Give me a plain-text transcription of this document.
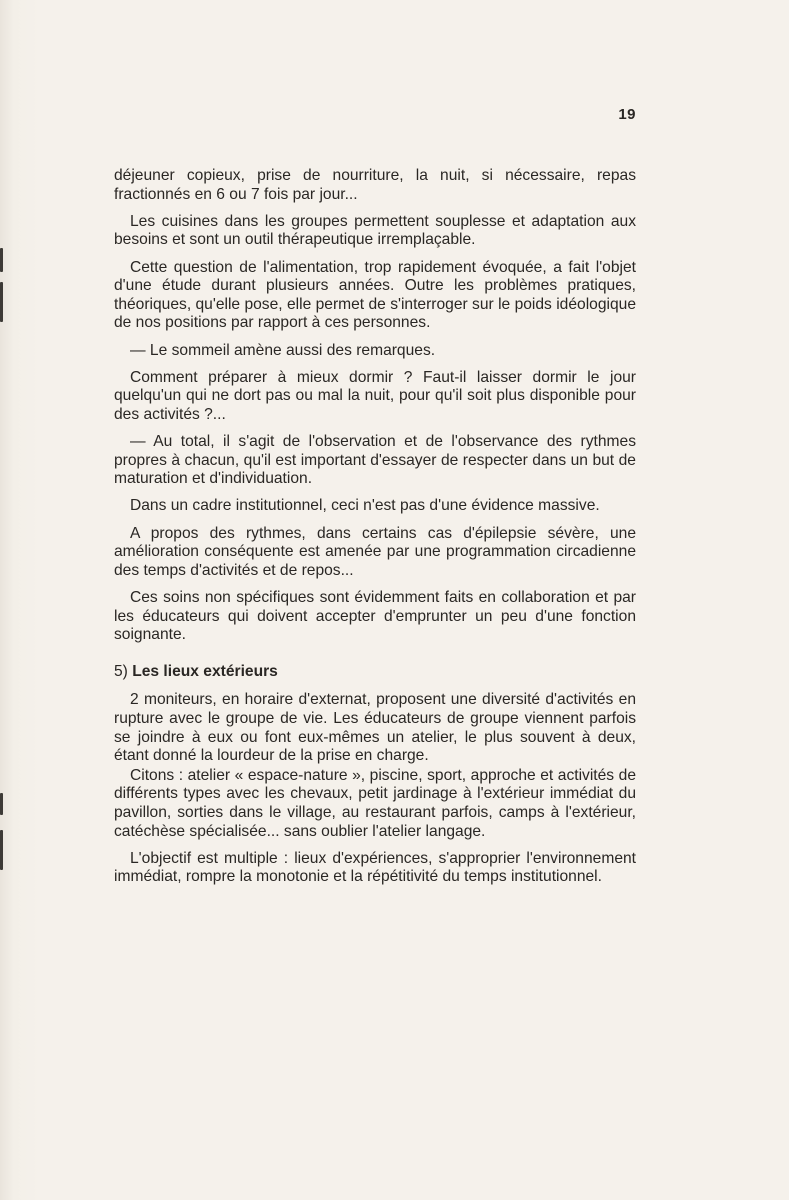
19

déjeuner copieux, prise de nourriture, la nuit, si nécessaire, repas fractionnés en 6 ou 7 fois par jour...

Les cuisines dans les groupes permettent souplesse et adaptation aux besoins et sont un outil thérapeutique irremplaçable.

Cette question de l'alimentation, trop rapidement évoquée, a fait l'objet d'une étude durant plusieurs années. Outre les problèmes pratiques, théoriques, qu'elle pose, elle permet de s'interroger sur le poids idéologique de nos positions par rapport à ces personnes.

— Le sommeil amène aussi des remarques.

Comment préparer à mieux dormir ? Faut-il laisser dormir le jour quelqu'un qui ne dort pas ou mal la nuit, pour qu'il soit plus disponible pour des activités ?...

— Au total, il s'agit de l'observation et de l'observance des rythmes propres à chacun, qu'il est important d'essayer de respecter dans un but de maturation et d'individuation.

Dans un cadre institutionnel, ceci n'est pas d'une évidence massive.

A propos des rythmes, dans certains cas d'épilepsie sévère, une amélioration conséquente est amenée par une programmation circadienne des temps d'activités et de repos...

Ces soins non spécifiques sont évidemment faits en collaboration et par les éducateurs qui doivent accepter d'emprunter un peu d'une fonction soignante.

5) Les lieux extérieurs

2 moniteurs, en horaire d'externat, proposent une diversité d'activités en rupture avec le groupe de vie. Les éducateurs de groupe viennent parfois se joindre à eux ou font eux-mêmes un atelier, le plus souvent à deux, étant donné la lourdeur de la prise en charge.

Citons : atelier « espace-nature », piscine, sport, approche et activités de différents types avec les chevaux, petit jardinage à l'extérieur immédiat du pavillon, sorties dans le village, au restaurant parfois, camps à l'extérieur, catéchèse spécialisée... sans oublier l'atelier langage.

L'objectif est multiple : lieux d'expériences, s'approprier l'environnement immédiat, rompre la monotonie et la répétitivité du temps institutionnel.
